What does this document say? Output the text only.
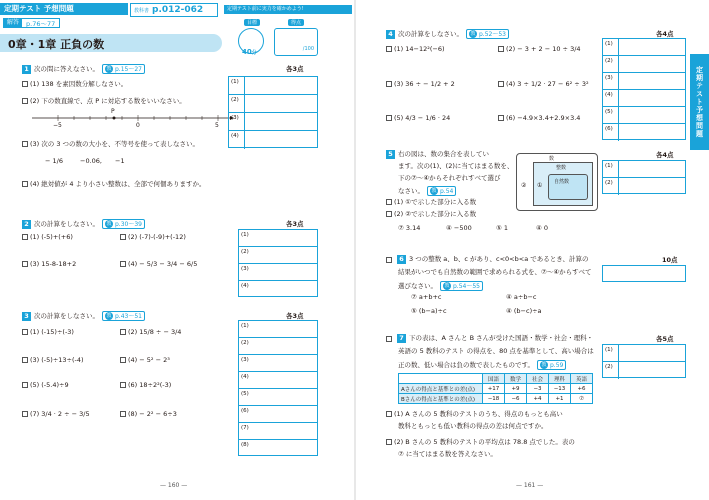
定期テスト 予想問題	教科書 p.012-062	定期テスト前に実力を確かめよう!
解答	p.76〜77	目標
40分
得点
/100
0章・1章 正負の数
1 次の問に答えなさい。 教 p.15〜27	各3点
(1) 138 を素因数分解しなさい。
(2) 下の数直線で、点 P に対応する数をいいなさい。
P
−5	0	5
(3) 次の 3 つの数の大小を、不等号を使って表しなさい。
− 1/6	−0.06, −1
(4) 絶対値が 4 より小さい整数は、全部で何個ありますか。
(1)
(2)
(3)
(4)
2 次の計算をしなさい。 教 p.30〜39	各3点
(1) (-5)+(+6)	(2) (-7)-(-9)+(-12)
(3) 15-8-18+2	(4) − 5/3 − 3/4 − 6/5
(1)
(2)
(3)
(4)
3 次の計算をしなさい。 教 p.43〜51	各3点
(1) (-15)÷(-3)	(2) 15/8 ÷ − 3/4
(3) (-5)÷13÷(-4)	(4) − 5² − 2³
(5) (-5.4)÷9	(6) 18÷2²(-3)
(7) 3/4 · 2 ÷ − 3/5	(8) − 2² − 6÷3
(1)
(2)
(3)
(4)
(5)
(6)
(7)
(8)
— 160 —
定期テスト予想問題
4 次の計算をしなさい。 教 p.52〜53	各4点
(1) 14−12²(−6)	(2) − 3 + 2 − 10 ÷ 3/4
(3) 36 ÷ − 1/2 + 2	(4) 3 ÷ 1/2 · 27 − 6² ÷ 3²
(5) 4/3 − 1/6 · 24	(6) −4.9×3.4+2.9×3.4
(1)
(2)
(3)
(4)
(5)
(6)
5 右の図は、数の集合を表してい
ます。次の(1)、(2)に当てはまる数を、
下の⑦〜④からそれぞれすべて選び
なさい。 教 p.54
各4点
(1) ①で示した部分に入る数
(2) ②で示した部分に入る数
⑦ 3.14	④ −500	⑤ 1	④ 0
数
②
整数
① 自然数
(1)
(2)
6 3 つの整数 a、b、c があり、c<0<b<a であるとき、計算の	10点
結果がいつでも自然数の範囲で求められる式を、⑦〜④からすべて
選びなさい。 教 p.54〜55
⑦ a+b+c	④ a÷b−c
⑤ (b−a)÷c	④ (b−c)÷a
7 下の表は、A さんと B さんが受けた国語・数学・社会・理科・	各5点
英語の 5 教科のテスト の得点を、80 点を基準として、高い場合は
正の数、低い場合は負の数で表したものです。 教 p.59
	国語	数学	社会	理科	英語
Aさんの得点と基準との差(点)	+17	+9	−3	−13	+6
Bさんの得点と基準との差(点)	−18	−6	+4	+1	⑦
(1) A さんの 5 教科のテストのうち、得点のもっとも高い
教科ともっとも低い教科の得点の差は何点ですか。
(2) B さんの 5 教科のテストの平均点は 78.8 点でした。表の
⑦ に当てはまる数を答えなさい。
(1)
(2)
— 161 —
